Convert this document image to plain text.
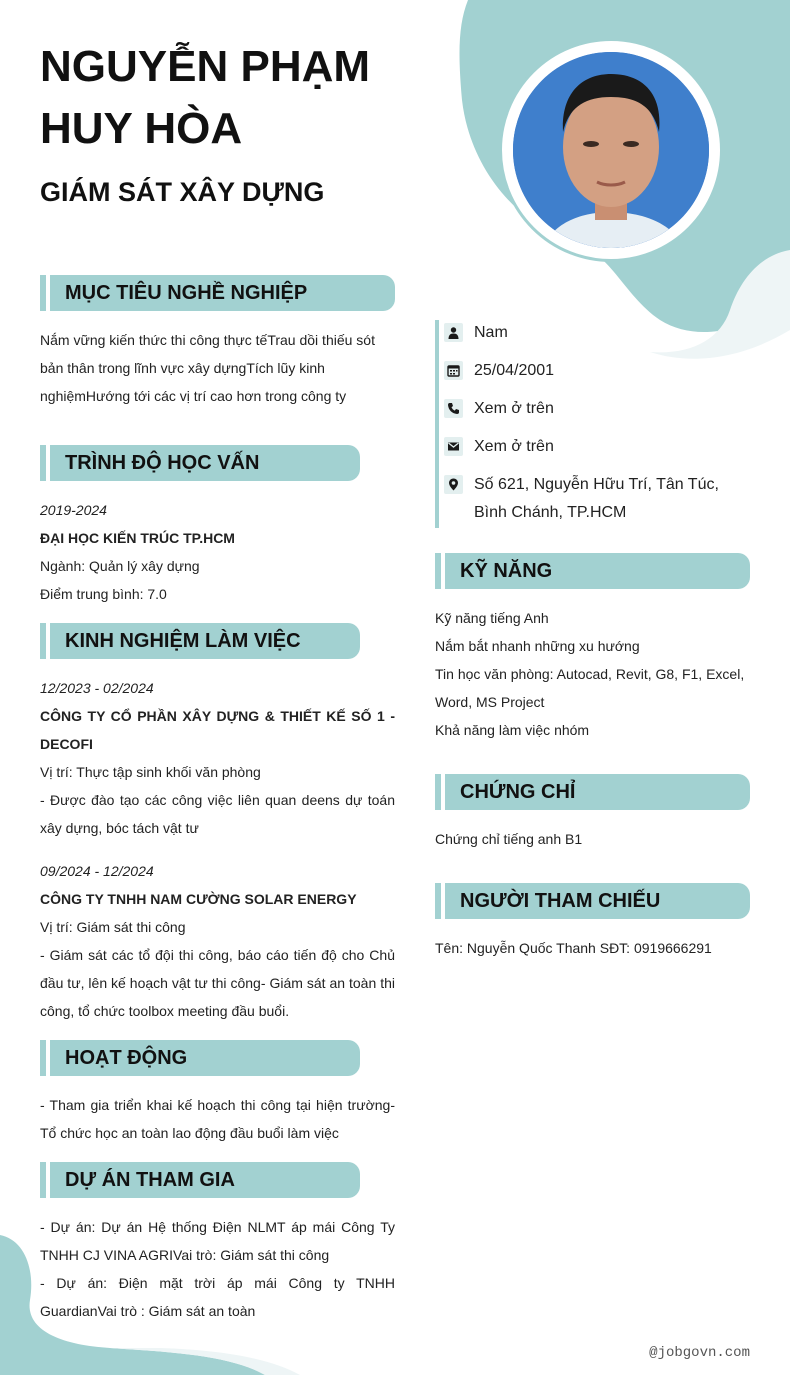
NGUYỄN PHẠM HUY HÒA
GIÁM SÁT XÂY DỰNG
MỤC TIÊU NGHỀ NGHIỆP
Nắm vững kiến thức thi công thực tếTrau dồi thiếu sót bản thân trong lĩnh vực xây dựngTích lũy kinh nghiệmHướng tới các vị trí cao hơn trong công ty
TRÌNH ĐỘ HỌC VẤN
2019-2024
ĐẠI HỌC KIẾN TRÚC TP.HCM
Ngành: Quản lý xây dựng
Điểm trung bình: 7.0
KINH NGHIỆM LÀM VIỆC
12/2023 - 02/2024
CÔNG TY CỔ PHẦN XÂY DỰNG & THIẾT KẾ SỐ 1 - DECOFI
Vị trí: Thực tập sinh khối văn phòng
- Được đào tạo các công việc liên quan deens dự toán xây dựng, bóc tách vật tư
09/2024 - 12/2024
CÔNG TY TNHH NAM CƯỜNG SOLAR ENERGY
Vị trí: Giám sát thi công
- Giám sát các tổ đội thi công, báo cáo tiến độ cho Chủ đầu tư, lên kế hoạch vật tư thi công- Giám sát an toàn thi công, tổ chức toolbox meeting đầu buổi.
HOẠT ĐỘNG
- Tham gia triển khai kế hoạch thi công tại hiện trường- Tổ chức học an toàn lao động đầu buổi làm việc
DỰ ÁN THAM GIA
- Dự án: Dự án Hệ thống Điện NLMT áp mái Công Ty TNHH CJ VINA AGRIVai trò: Giám sát thi công
- Dự án: Điện mặt trời áp mái Công ty TNHH GuardianVai trò : Giám sát an toàn
Nam
25/04/2001
Xem ở trên
Xem ở trên
Số 621, Nguyễn Hữu Trí, Tân Túc, Bình Chánh, TP.HCM
KỸ NĂNG
Kỹ năng tiếng Anh
Nắm bắt nhanh những xu hướng
Tin học văn phòng: Autocad, Revit, G8, F1, Excel, Word, MS Project
Khả năng làm việc nhóm
CHỨNG CHỈ
Chứng chỉ tiếng anh B1
NGƯỜI THAM CHIẾU
Tên: Nguyễn Quốc Thanh SĐT: 0919666291
@jobgovn.com
